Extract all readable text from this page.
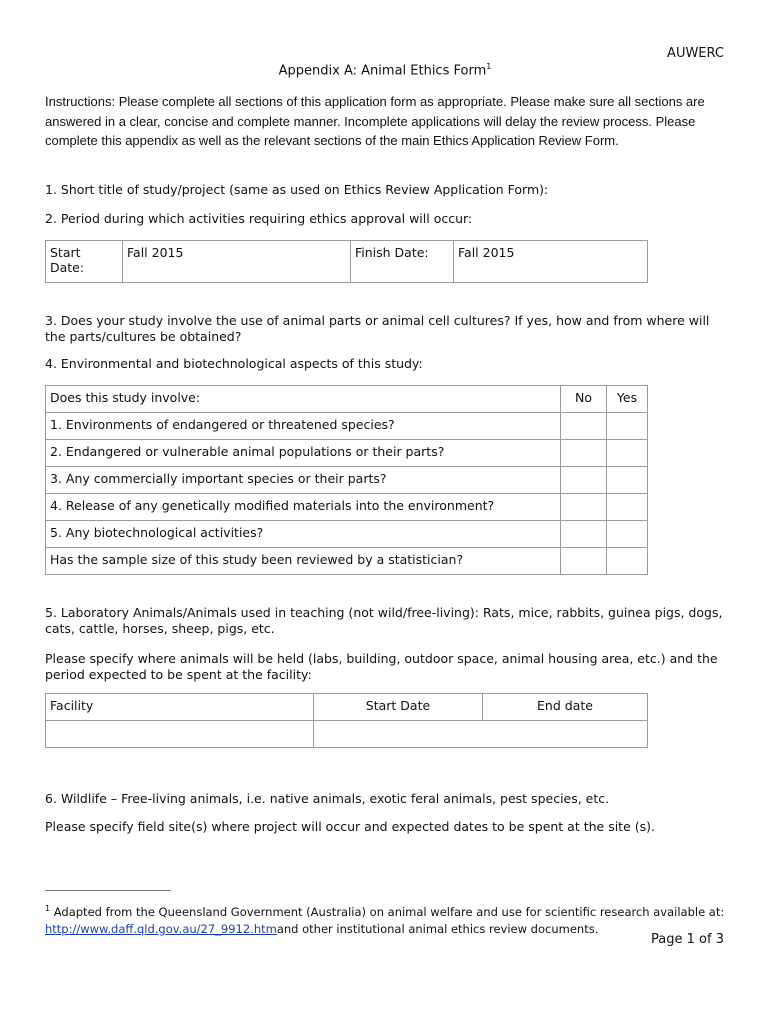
AUWERC
Appendix A: Animal Ethics Form$^1$
Instructions: Please complete all sections of this application form as appropriate. Please make sure all sections are answered in a clear, concise and complete manner. Incomplete applications will delay the review process. Please complete this appendix as well as the relevant sections of the main Ethics Application Review Form.
1. Short title of study/project (same as used on Ethics Review Application Form):
2. Period during which activities requiring ethics approval will occur:
Start Date:	Fall 2015	Finish Date:	Fall 2015
3. Does your study involve the use of animal parts or animal cell cultures? If yes, how and from where will the parts/cultures be obtained?
4. Environmental and biotechnological aspects of this study:
Does this study involve:	No	Yes
1. Environments of endangered or threatened species?		
2. Endangered or vulnerable animal populations or their parts?		
3. Any commercially important species or their parts?		
4. Release of any genetically modified materials into the environment?		
5. Any biotechnological activities?		
Has the sample size of this study been reviewed by a statistician?		
5. Laboratory Animals/Animals used in teaching (not wild/free-living): Rats, mice, rabbits, guinea pigs, dogs, cats, cattle, horses, sheep, pigs, etc.
Please specify where animals will be held (labs, building, outdoor space, animal housing area, etc.) and the period expected to be spent at the facility:
Facility	Start Date	End date

6. Wildlife – Free-living animals, i.e. native animals, exotic feral animals, pest species, etc.
Please specify field site(s) where project will occur and expected dates to be spent at the site (s).
$^1$ Adapted from the Queensland Government (Australia) on animal welfare and use for scientific research available at:
http://www.daff.qld.gov.au/27_9912.htmand other institutional animal ethics review documents.
Page 1 of 3
